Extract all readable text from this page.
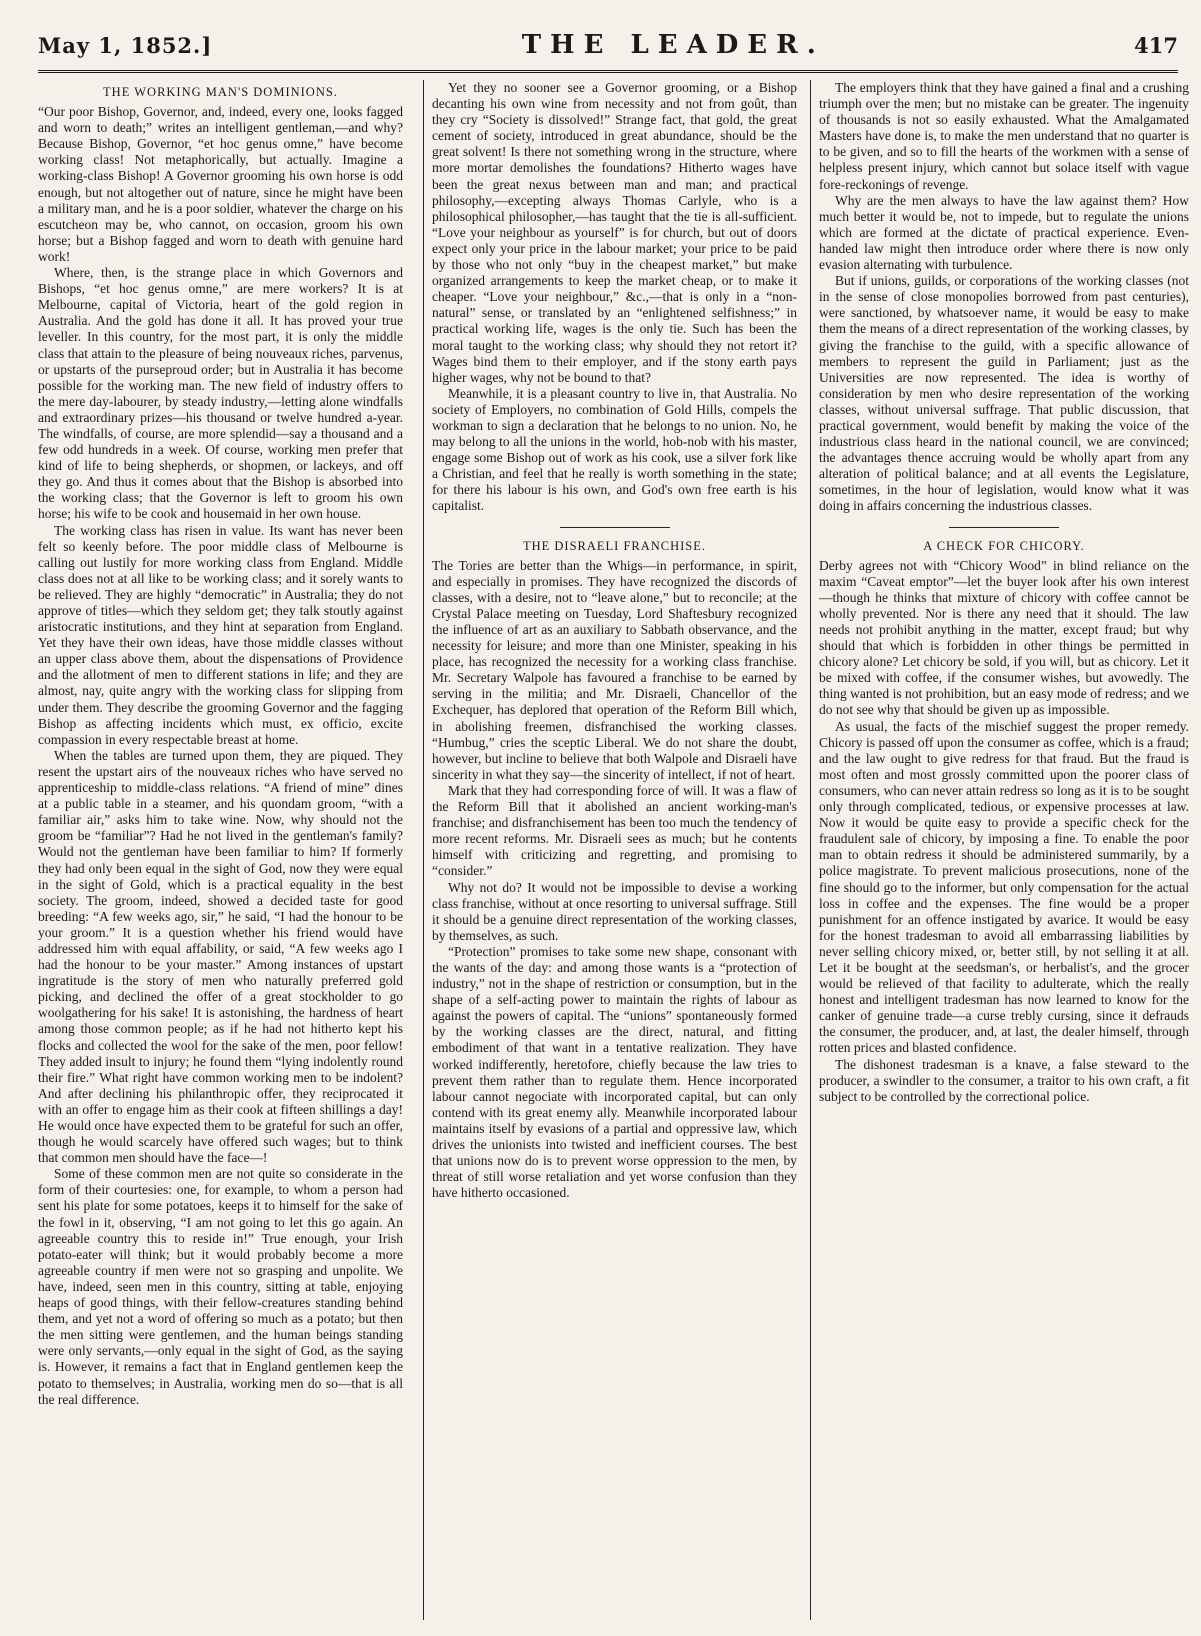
May 1, 1852.]	THE LEADER.	417
THE WORKING MAN'S DOMINIONS.

“Our poor Bishop, Governor, and, indeed, every one, looks fagged and worn to death;” writes an intelligent gentleman,—and why? Because Bishop, Governor, “et hoc genus omne,” have become working class! Not metaphorically, but actually. Imagine a working-class Bishop! A Governor grooming his own horse is odd enough, but not altogether out of nature, since he might have been a military man, and he is a poor soldier, whatever the charge on his escutcheon may be, who cannot, on occasion, groom his own horse; but a Bishop fagged and worn to death with genuine hard work!

Where, then, is the strange place in which Governors and Bishops, “et hoc genus omne,” are mere workers? It is at Melbourne, capital of Victoria, heart of the gold region in Australia. And the gold has done it all. It has proved your true leveller. In this country, for the most part, it is only the middle class that attain to the pleasure of being nouveaux riches, parvenus, or upstarts of the purseproud order; but in Australia it has become possible for the working man. The new field of industry offers to the mere day-labourer, by steady industry,—letting alone windfalls and extraordinary prizes—his thousand or twelve hundred a-year. The windfalls, of course, are more splendid—say a thousand and a few odd hundreds in a week. Of course, working men prefer that kind of life to being shepherds, or shopmen, or lackeys, and off they go. And thus it comes about that the Bishop is absorbed into the working class; that the Governor is left to groom his own horse; his wife to be cook and housemaid in her own house.

The working class has risen in value. Its want has never been felt so keenly before. The poor middle class of Melbourne is calling out lustily for more working class from England. Middle class does not at all like to be working class; and it sorely wants to be relieved. They are highly “democratic” in Australia; they do not approve of titles—which they seldom get; they talk stoutly against aristocratic institutions, and they hint at separation from England. Yet they have their own ideas, have those middle classes without an upper class above them, about the dispensations of Providence and the allotment of men to different stations in life; and they are almost, nay, quite angry with the working class for slipping from under them. They describe the grooming Governor and the fagging Bishop as affecting incidents which must, ex officio, excite compassion in every respectable breast at home.

When the tables are turned upon them, they are piqued. They resent the upstart airs of the nouveaux riches who have served no apprenticeship to middle-class relations. “A friend of mine” dines at a public table in a steamer, and his quondam groom, “with a familiar air,” asks him to take wine. Now, why should not the groom be “familiar”? Had he not lived in the gentleman's family? Would not the gentleman have been familiar to him? If formerly they had only been equal in the sight of God, now they were equal in the sight of Gold, which is a practical equality in the best society. The groom, indeed, showed a decided taste for good breeding: “A few weeks ago, sir,” he said, “I had the honour to be your groom.” It is a question whether his friend would have addressed him with equal affability, or said, “A few weeks ago I had the honour to be your master.” Among instances of upstart ingratitude is the story of men who naturally preferred gold picking, and declined the offer of a great stockholder to go woolgathering for his sake! It is astonishing, the hardness of heart among those common people; as if he had not hitherto kept his flocks and collected the wool for the sake of the men, poor fellow! They added insult to injury; he found them “lying indolently round their fire.” What right have common working men to be indolent? And after declining his philanthropic offer, they reciprocated it with an offer to engage him as their cook at fifteen shillings a day! He would once have expected them to be grateful for such an offer, though he would scarcely have offered such wages; but to think that common men should have the face—!

Some of these common men are not quite so considerate in the form of their courtesies: one, for example, to whom a person had sent his plate for some potatoes, keeps it to himself for the sake of the fowl in it, observing, “I am not going to let this go again. An agreeable country this to reside in!” True enough, your Irish potato-eater will think; but it would probably become a more agreeable country if men were not so grasping and unpolite. We have, indeed, seen men in this country, sitting at table, enjoying heaps of good things, with their fellow-creatures standing behind them, and yet not a word of offering so much as a potato; but then the men sitting were gentlemen, and the human beings standing were only servants,—only equal in the sight of God, as the saying is. However, it remains a fact that in England gentlemen keep the potato to themselves; in Australia, working men do so—that is all the real difference.

Yet they no sooner see a Governor grooming, or a Bishop decanting his own wine from necessity and not from goût, than they cry “Society is dissolved!” Strange fact, that gold, the great cement of society, introduced in great abundance, should be the great solvent! Is there not something wrong in the structure, where more mortar demolishes the foundations? Hitherto wages have been the great nexus between man and man; and practical philosophy,—excepting always Thomas Carlyle, who is a philosophical philosopher,—has taught that the tie is all-sufficient. “Love your neighbour as yourself” is for church, but out of doors expect only your price in the labour market; your price to be paid by those who not only “buy in the cheapest market,” but make organized arrangements to keep the market cheap, or to make it cheaper. “Love your neighbour,” &c.,—that is only in a “non-natural” sense, or translated by an “enlightened selfishness;” in practical working life, wages is the only tie. Such has been the moral taught to the working class; why should they not retort it? Wages bind them to their employer, and if the stony earth pays higher wages, why not be bound to that?

Meanwhile, it is a pleasant country to live in, that Australia. No society of Employers, no combination of Gold Hills, compels the workman to sign a declaration that he belongs to no union. No, he may belong to all the unions in the world, hob-nob with his master, engage some Bishop out of work as his cook, use a silver fork like a Christian, and feel that he really is worth something in the state; for there his labour is his own, and God's own free earth is his capitalist.

THE DISRAELI FRANCHISE.

The Tories are better than the Whigs—in performance, in spirit, and especially in promises. They have recognized the discords of classes, with a desire, not to “leave alone,” but to reconcile; at the Crystal Palace meeting on Tuesday, Lord Shaftesbury recognized the influence of art as an auxiliary to Sabbath observance, and the necessity for leisure; and more than one Minister, speaking in his place, has recognized the necessity for a working class franchise. Mr. Secretary Walpole has favoured a franchise to be earned by serving in the militia; and Mr. Disraeli, Chancellor of the Exchequer, has deplored that operation of the Reform Bill which, in abolishing freemen, disfranchised the working classes. “Humbug,” cries the sceptic Liberal. We do not share the doubt, however, but incline to believe that both Walpole and Disraeli have sincerity in what they say—the sincerity of intellect, if not of heart.

Mark that they had corresponding force of will. It was a flaw of the Reform Bill that it abolished an ancient working-man's franchise; and disfranchisement has been too much the tendency of more recent reforms. Mr. Disraeli sees as much; but he contents himself with criticizing and regretting, and promising to “consider.”

Why not do? It would not be impossible to devise a working class franchise, without at once resorting to universal suffrage. Still it should be a genuine direct representation of the working classes, by themselves, as such.

“Protection” promises to take some new shape, consonant with the wants of the day: and among those wants is a “protection of industry,” not in the shape of restriction or consumption, but in the shape of a self-acting power to maintain the rights of labour as against the powers of capital. The “unions” spontaneously formed by the working classes are the direct, natural, and fitting embodiment of that want in a tentative realization. They have worked indifferently, heretofore, chiefly because the law tries to prevent them rather than to regulate them. Hence incorporated labour cannot negociate with incorporated capital, but can only contend with its great enemy ally. Meanwhile incorporated labour maintains itself by evasions of a partial and oppressive law, which drives the unionists into twisted and inefficient courses. The best that unions now do is to prevent worse oppression to the men, by threat of still worse retaliation and yet worse confusion than they have hitherto occasioned.

The employers think that they have gained a final and a crushing triumph over the men; but no mistake can be greater. The ingenuity of thousands is not so easily exhausted. What the Amalgamated Masters have done is, to make the men understand that no quarter is to be given, and so to fill the hearts of the workmen with a sense of helpless present injury, which cannot but solace itself with vague fore-reckonings of revenge.

Why are the men always to have the law against them? How much better it would be, not to impede, but to regulate the unions which are formed at the dictate of practical experience. Even-handed law might then introduce order where there is now only evasion alternating with turbulence.

But if unions, guilds, or corporations of the working classes (not in the sense of close monopolies borrowed from past centuries), were sanctioned, by whatsoever name, it would be easy to make them the means of a direct representation of the working classes, by giving the franchise to the guild, with a specific allowance of members to represent the guild in Parliament; just as the Universities are now represented. The idea is worthy of consideration by men who desire representation of the working classes, without universal suffrage. That public discussion, that practical government, would benefit by making the voice of the industrious class heard in the national council, we are convinced; the advantages thence accruing would be wholly apart from any alteration of political balance; and at all events the Legislature, sometimes, in the hour of legislation, would know what it was doing in affairs concerning the industrious classes.

A CHECK FOR CHICORY.

Derby agrees not with “Chicory Wood” in blind reliance on the maxim “Caveat emptor”—let the buyer look after his own interest—though he thinks that mixture of chicory with coffee cannot be wholly prevented. Nor is there any need that it should. The law needs not prohibit anything in the matter, except fraud; but why should that which is forbidden in other things be permitted in chicory alone? Let chicory be sold, if you will, but as chicory. Let it be mixed with coffee, if the consumer wishes, but avowedly. The thing wanted is not prohibition, but an easy mode of redress; and we do not see why that should be given up as impossible.

As usual, the facts of the mischief suggest the proper remedy. Chicory is passed off upon the consumer as coffee, which is a fraud; and the law ought to give redress for that fraud. But the fraud is most often and most grossly committed upon the poorer class of consumers, who can never attain redress so long as it is to be sought only through complicated, tedious, or expensive processes at law. Now it would be quite easy to provide a specific check for the fraudulent sale of chicory, by imposing a fine. To enable the poor man to obtain redress it should be administered summarily, by a police magistrate. To prevent malicious prosecutions, none of the fine should go to the informer, but only compensation for the actual loss in coffee and the expenses. The fine would be a proper punishment for an offence instigated by avarice. It would be easy for the honest tradesman to avoid all embarrassing liabilities by never selling chicory mixed, or, better still, by not selling it at all. Let it be bought at the seedsman's, or herbalist's, and the grocer would be relieved of that facility to adulterate, which the really honest and intelligent tradesman has now learned to know for the canker of genuine trade—a curse trebly cursing, since it defrauds the consumer, the producer, and, at last, the dealer himself, through rotten prices and blasted confidence.

The dishonest tradesman is a knave, a false steward to the producer, a swindler to the consumer, a traitor to his own craft, a fit subject to be controlled by the correctional police.
